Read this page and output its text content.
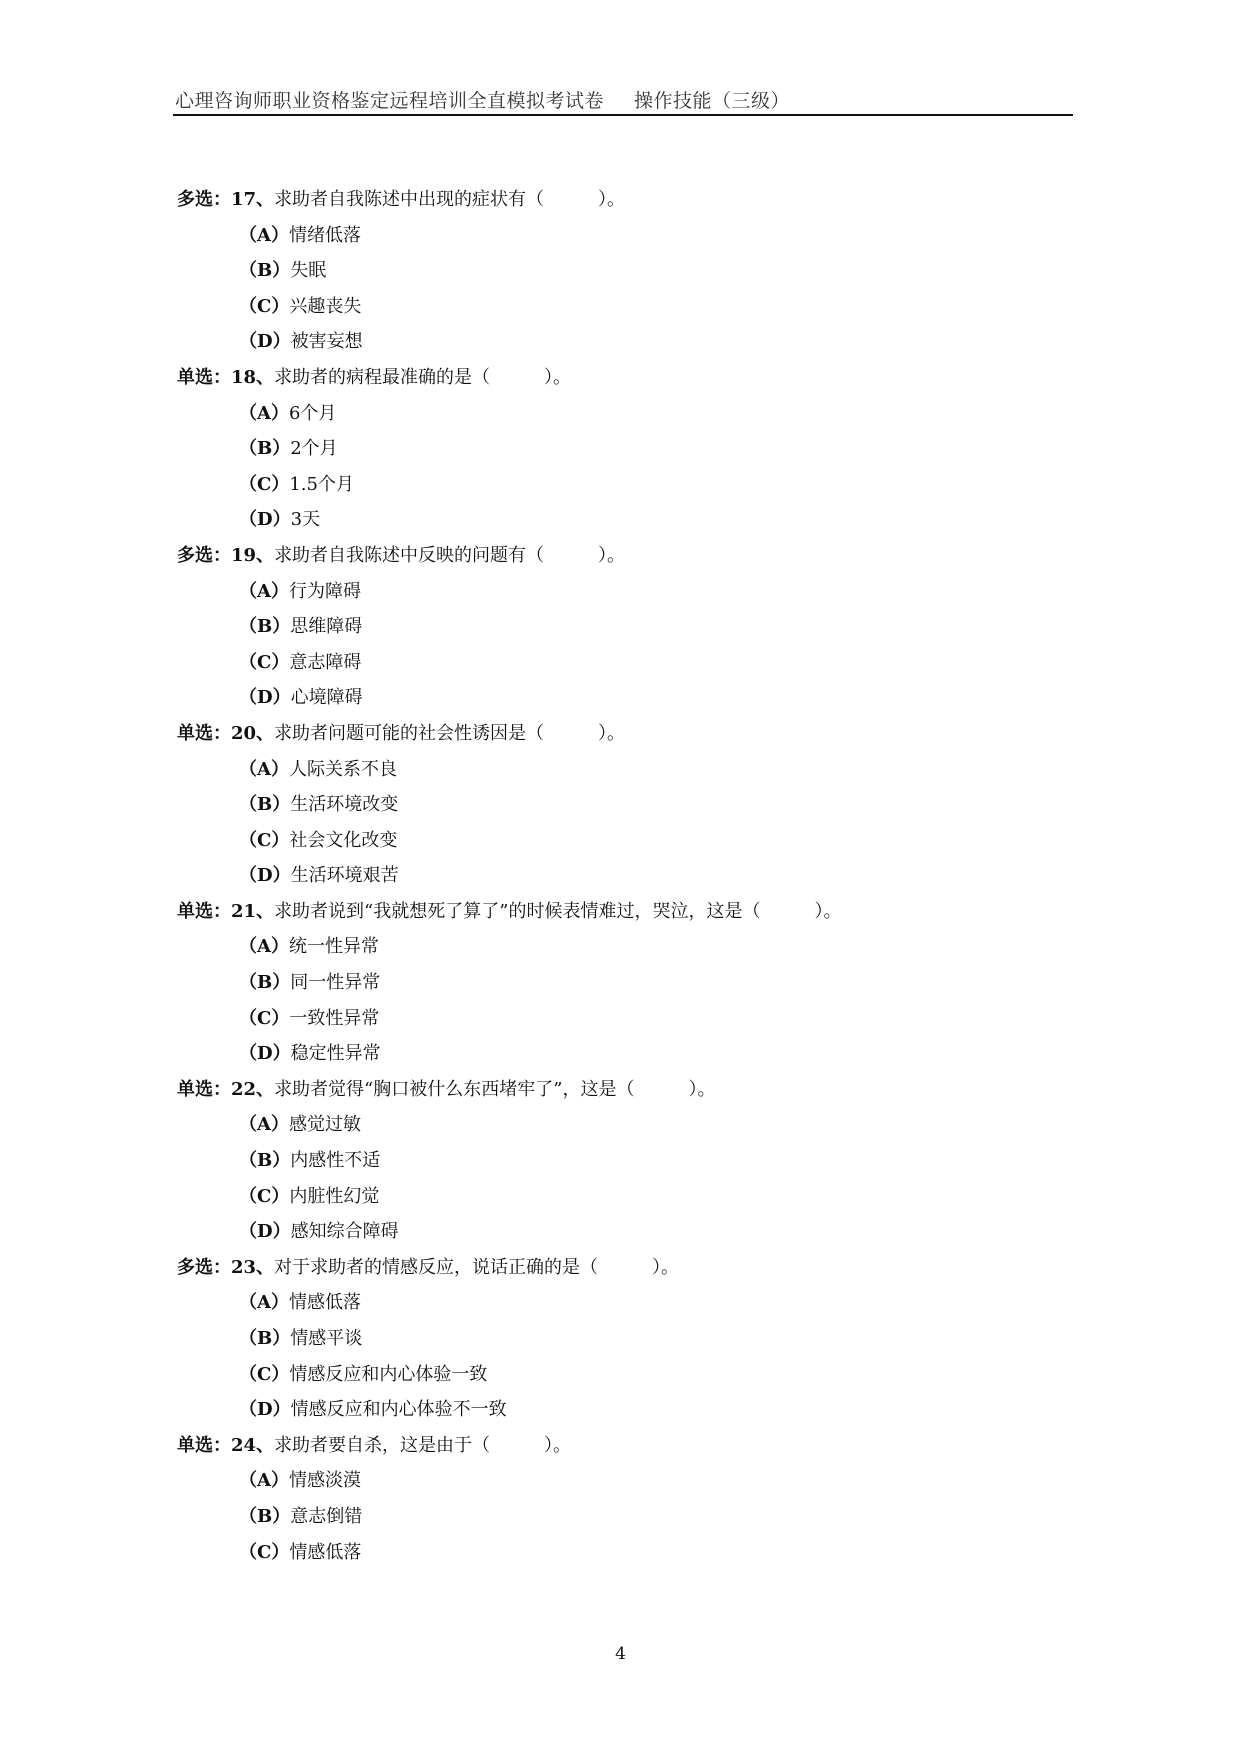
心理咨询师职业资格鉴定远程培训全直模拟考试卷 操作技能（三级）
多选：17、求助者自我陈述中出现的症状有（　　　）。
（A）情绪低落
（B）失眠
（C）兴趣丧失
（D）被害妄想
单选：18、求助者的病程最准确的是（　　　）。
（A）6个月
（B）2个月
（C）1.5个月
（D）3天
多选：19、求助者自我陈述中反映的问题有（　　　）。
（A）行为障碍
（B）思维障碍
（C）意志障碍
（D）心境障碍
单选：20、求助者问题可能的社会性诱因是（　　　）。
（A）人际关系不良
（B）生活环境改变
（C）社会文化改变
（D）生活环境艰苦
单选：21、求助者说到“我就想死了算了”的时候表情难过，哭泣，这是（　　　）。
（A）统一性异常
（B）同一性异常
（C）一致性异常
（D）稳定性异常
单选：22、求助者觉得“胸口被什么东西堵牢了”，这是（　　　）。
（A）感觉过敏
（B）内感性不适
（C）内脏性幻觉
（D）感知综合障碍
多选：23、对于求助者的情感反应，说话正确的是（　　　）。
（A）情感低落
（B）情感平谈
（C）情感反应和内心体验一致
（D）情感反应和内心体验不一致
单选：24、求助者要自杀，这是由于（　　　）。
（A）情感淡漠
（B）意志倒错
（C）情感低落
4
